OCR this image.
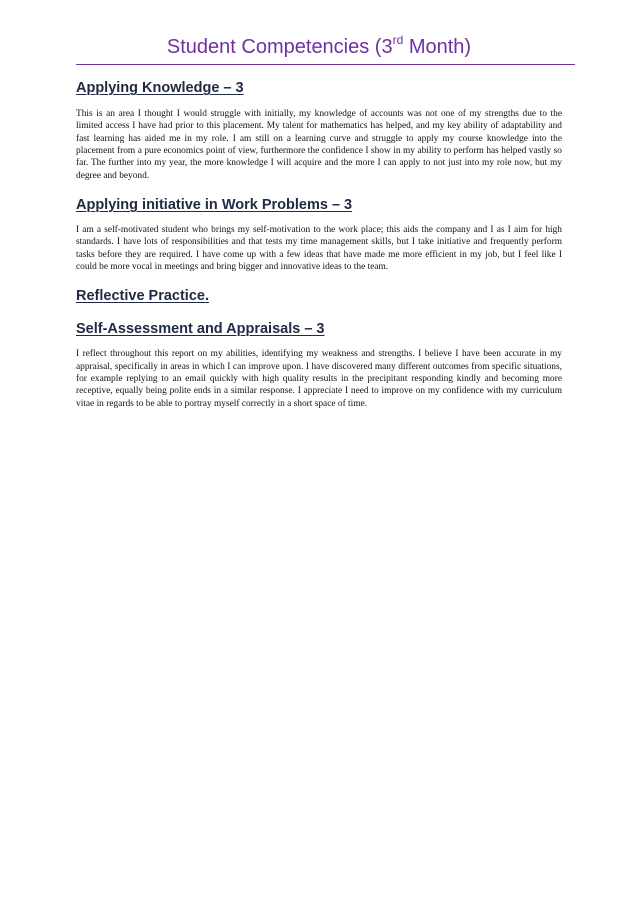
Student Competencies (3rd Month)
Applying Knowledge – 3

This is an area I thought I would struggle with initially, my knowledge of accounts was not one of my strengths due to the limited access I have had prior to this placement. My talent for mathematics has helped, and my key ability of adaptability and fast learning has aided me in my role. I am still on a learning curve and struggle to apply my course knowledge into the placement from a pure economics point of view, furthermore the confidence I show in my ability to perform has helped vastly so far. The further into my year, the more knowledge I will acquire and the more I can apply to not just into my role now, but my degree and beyond.

Applying initiative in Work Problems – 3

I am a self-motivated student who brings my self-motivation to the work place; this aids the company and I as I aim for high standards. I have lots of responsibilities and that tests my time management skills, but I take initiative and frequently perform tasks before they are required. I have come up with a few ideas that have made me more efficient in my job, but I feel like I could be more vocal in meetings and bring bigger and innovative ideas to the team.

Reflective Practice.
Self-Assessment and Appraisals – 3

I reflect throughout this report on my abilities, identifying my weakness and strengths. I believe I have been accurate in my appraisal, specifically in areas in which I can improve upon. I have discovered many different outcomes from specific situations, for example replying to an email quickly with high quality results in the precipitant responding kindly and becoming more receptive, equally being polite ends in a similar response. I appreciate I need to improve on my confidence with my curriculum vitae in regards to be able to portray myself correctly in a short space of time.
